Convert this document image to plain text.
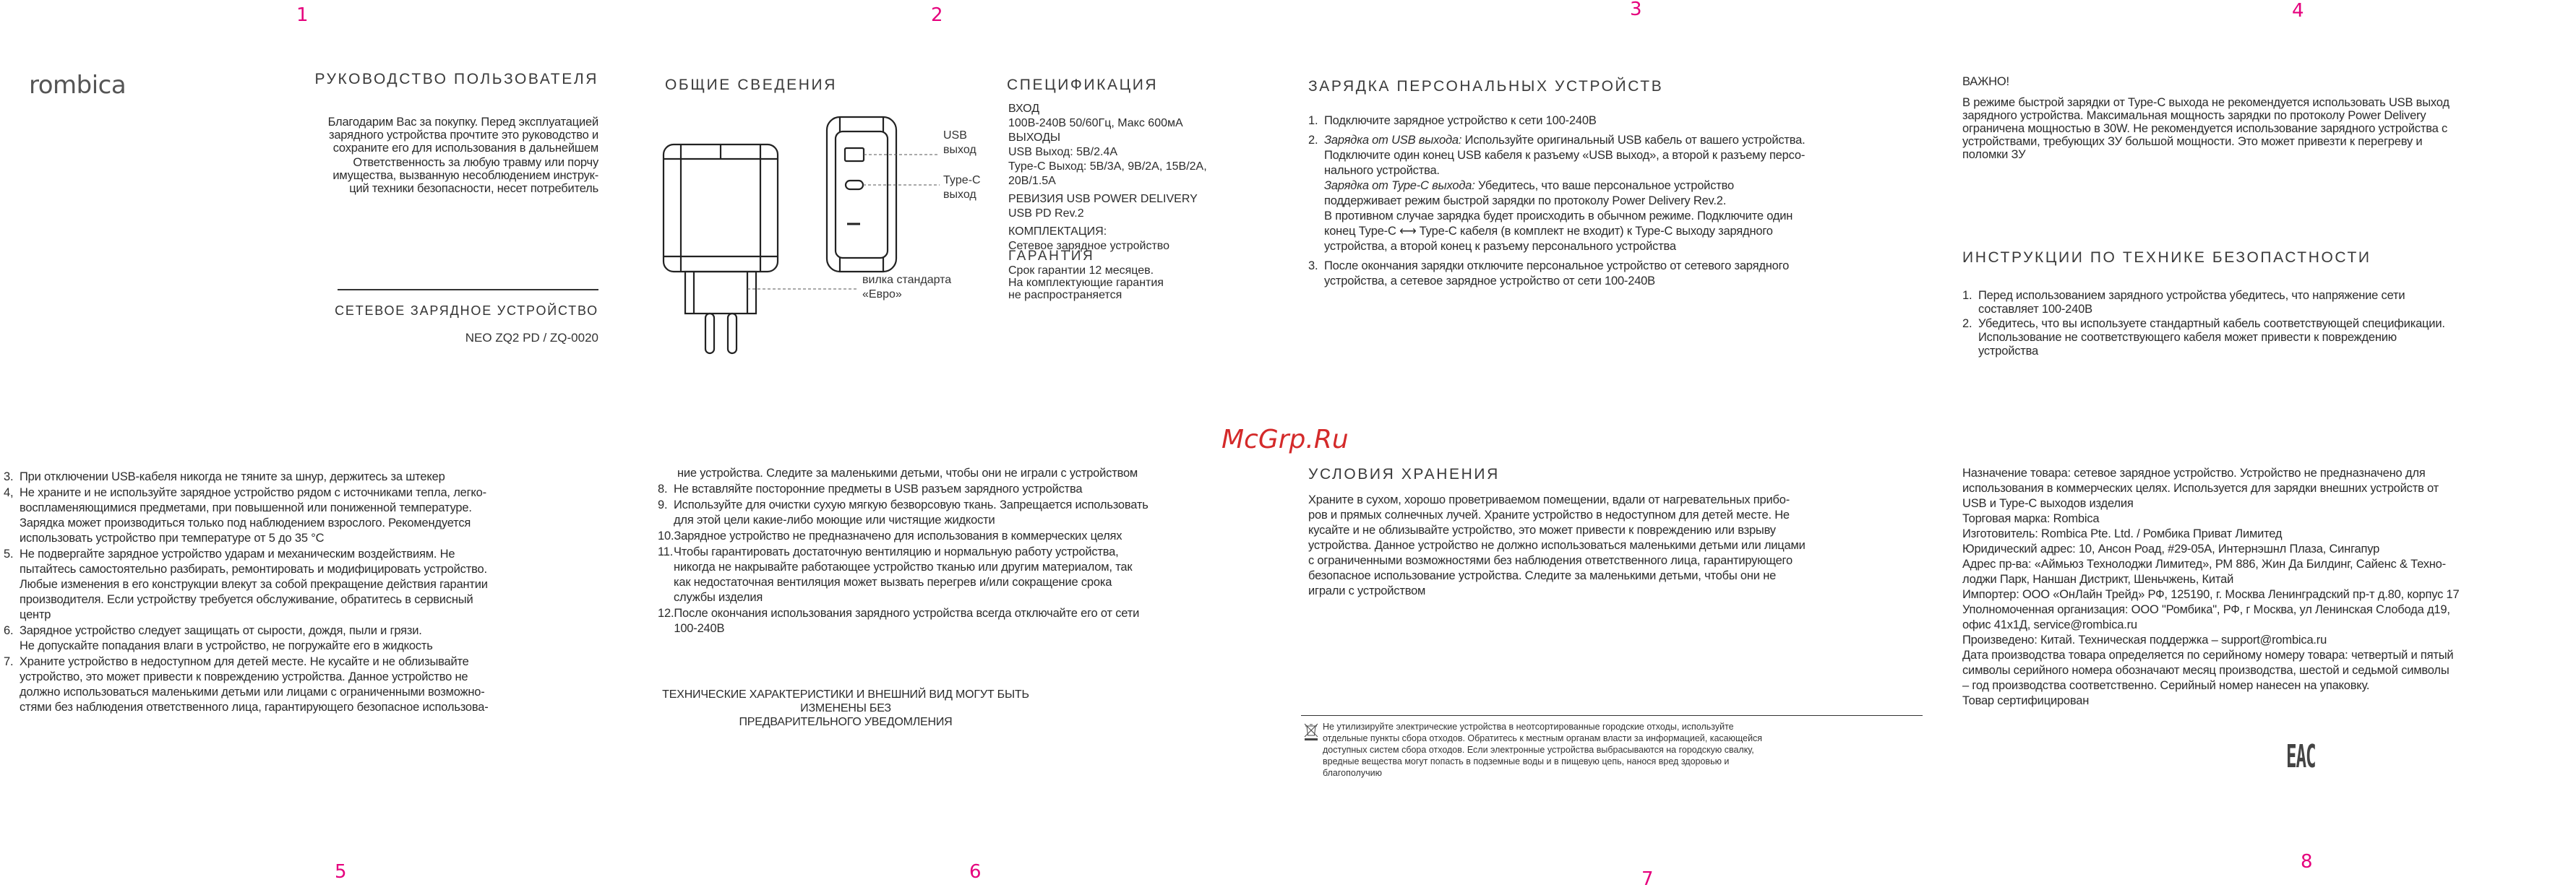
1	2	3	4
5	6	7
8
rombica	РУКОВОДСТВО ПОЛЬЗОВАТЕЛЯ
Благодарим Вас за покупку. Перед эксплуатацией
зарядного устройства прочтите это руководство и
сохраните его для использования в дальнейшем
Ответственность за любую травму или порчу
имущества, вызванную несоблюдением инструк-
ций техники безопасности, несет потребитель
СЕТЕВОЕ ЗАРЯДНОЕ УСТРОЙСТВО
NEO ZQ2 PD / ZQ-0020
ОБЩИЕ СВЕДЕНИЯ
USB
выход
Type-C
выход
вилка стандарта
«Евро»
СПЕЦИФИКАЦИЯ
ВХОД
100В-240В 50/60Гц, Макс 600мА
ВЫХОДЫ
USB Выход: 5В/2.4А
Type-C Выход: 5В/3А, 9В/2А, 15В/2А,
20В/1.5А
РЕВИЗИЯ USB POWER DELIVERY
USB PD Rev.2
КОМПЛЕКТАЦИЯ:
Сетевое зарядное устройство
ГАРАНТИЯ
Срок гарантии 12 месяцев.
На комплектующие гарантия
не распространяется
ЗАРЯДКА ПЕРСОНАЛЬНЫХ УСТРОЙСТВ
1. Подключите зарядное устройство к сети 100-240В
2. Зарядка от USB выхода: Используйте оригинальный USB кабель от вашего устройства.
Подключите один конец USB кабеля к разъему «USB выход», а второй к разъему персо-
нального устройства.
Зарядка от Type-C выхода: Убедитесь, что ваше персональное устройство
поддерживает режим быстрой зарядки по протоколу Power Delivery Rev.2.
В противном случае зарядка будет происходить в обычном режиме. Подключите один
конец Type-C ⟷ Type-C кабеля (в комплект не входит) к Type-C выходу зарядного
устройства, а второй конец к разъему персонального устройства
3. После окончания зарядки отключите персональное устройство от сетевого зарядного
устройства, а сетевое зарядное устройство от сети 100-240В
ВАЖНО!
В режиме быстрой зарядки от Type-C выхода не рекомендуется использовать USB выход
зарядного устройства. Максимальная мощность зарядки по протоколу Power Delivery
ограничена мощностью в 30W. Не рекомендуется использование зарядного устройства с
устройствами, требующих ЗУ большой мощности. Это может привезти к перегреву и
поломки ЗУ
ИНСТРУКЦИИ ПО ТЕХНИКЕ БЕЗОПАСТНОСТИ
1. Перед использованием зарядного устройства убедитесь, что напряжение сети
составляет 100-240В
2. Убедитесь, что вы используете стандартный кабель соответствующей спецификации.
Использование не соответствующего кабеля может привести к повреждению
устройства
McGrp.Ru
3. При отключении USB-кабеля никогда не тяните за шнур, держитесь за штекер
4, Не храните и не используйте зарядное устройство рядом с источниками тепла, легко-
воспламеняющимися предметами, при повышенной или пониженной температуре.
Зарядка может производиться только под наблюдением взрослого. Рекомендуется
использовать устройство при температуре от 5 до 35 °С
5. Не подвергайте зарядное устройство ударам и механическим воздействиям. Не
пытайтесь самостоятельно разбирать, ремонтировать и модифицировать устройство.
Любые изменения в его конструкции влекут за собой прекращение действия гарантии
производителя. Если устройству требуется обслуживание, обратитесь в сервисный
центр
6. Зарядное устройство следует защищать от сырости, дождя, пыли и грязи.
Не допускайте попадания влаги в устройство, не погружайте его в жидкость
7. Храните устройство в недоступном для детей месте. Не кусайте и не облизывайте
устройство, это может привести к повреждению устройства. Данное устройство не
должно использоваться маленькими детьми или лицами с ограниченными возможно-
стями без наблюдения ответственного лица, гарантирующего безопасное использова-
ние устройства. Следите за маленькими детьми, чтобы они не играли с устройством
8. Не вставляйте посторонние предметы в USB разъем зарядного устройства
9. Используйте для очистки сухую мягкую безворсовую ткань. Запрещается использовать
для этой цели какие-либо моющие или чистящие жидкости
10. Зарядное устройство не предназначено для использования в коммерческих целях
11. Чтобы гарантировать достаточную вентиляцию и нормальную работу устройства,
никогда не накрывайте работающее устройство тканью или другим материалом, так
как недостаточная вентиляция может вызвать перегрев и/или сокращение срока
службы изделия
12. После окончания использования зарядного устройства всегда отключайте его от сети
100-240В
ТЕХНИЧЕСКИЕ ХАРАКТЕРИСТИКИ И ВНЕШНИЙ ВИД МОГУТ БЫТЬ ИЗМЕНЕНЫ БЕЗ
ПРЕДВАРИТЕЛЬНОГО УВЕДОМЛЕНИЯ
УСЛОВИЯ ХРАНЕНИЯ
Храните в сухом, хорошо проветриваемом помещении, вдали от нагревательных прибо-
ров и прямых солнечных лучей. Храните устройство в недоступном для детей месте. Не
кусайте и не облизывайте устройство, это может привести к повреждению или взрыву
устройства. Данное устройство не должно использоваться маленькими детьми или лицами
с ограниченными возможностями без наблюдения ответственного лица, гарантирующего
безопасное использование устройства. Следите за маленькими детьми, чтобы они не
играли с устройством
Не утилизируйте электрические устройства в неотсортированные городские отходы, используйте
отдельные пункты сбора отходов. Обратитесь к местным органам власти за информацией, касающейся
доступных систем сбора отходов. Если электронные устройства выбрасываются на городскую свалку,
вредные вещества могут попасть в подземные воды и в пищевую цепь, нанося вред здоровью и
благополучию
Назначение товара: сетевое зарядное устройство. Устройство не предназначено для
использования в коммерческих целях. Используется для зарядки внешних устройств от
USB и Type-C выходов изделия
Торговая марка: Rombica
Изготовитель: Rombica Pte. Ltd. / Ромбика Приват Лимитед
Юридический адрес: 10, Ансон Роад, #29-05А, Интернэшнл Плаза, Сингапур
Адрес пр-ва: «Аймьюз Технолоджи Лимитед», РМ 886, Жин Да Билдинг, Сайенс & Техно-
лоджи Парк, Наншан Дистрикт, Шеньчжень, Китай
Импортер: ООО «ОнЛайн Трейд» РФ, 125190, г. Москва Ленинградский пр-т д.80, корпус 17
Уполномоченная организация: ООО "Ромбика", РФ, г Москва, ул Ленинская Слобода д19,
офис 41х1Д, service@rombica.ru
Произведено: Китай. Техническая поддержка – support@rombica.ru
Дата производства товара определяется по серийному номеру товара: четвертый и пятый
символы серийного номера обозначают месяц производства, шестой и седьмой символы
– год производства соответственно. Серийный номер нанесен на упаковку.
Товар сертифицирован
EAC
